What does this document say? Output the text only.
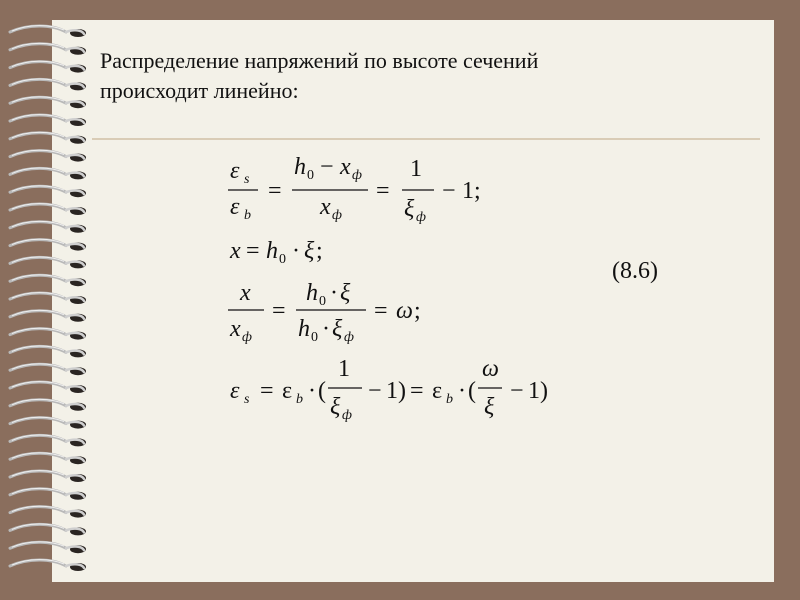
Распределение напряжений по высоте сечений
происходит линейно:
ε s
ε b
=
h 0 − x ф
x ф
=
1
ξ ф
− 1;
x = h 0 · ξ ;
x
x ф
=
h 0 · ξ
h 0 · ξ ф
= ω ;
ε s = ε b · (
1
ξ ф
− 1) = ε b · (
ω
ξ
− 1)
(8.6)
